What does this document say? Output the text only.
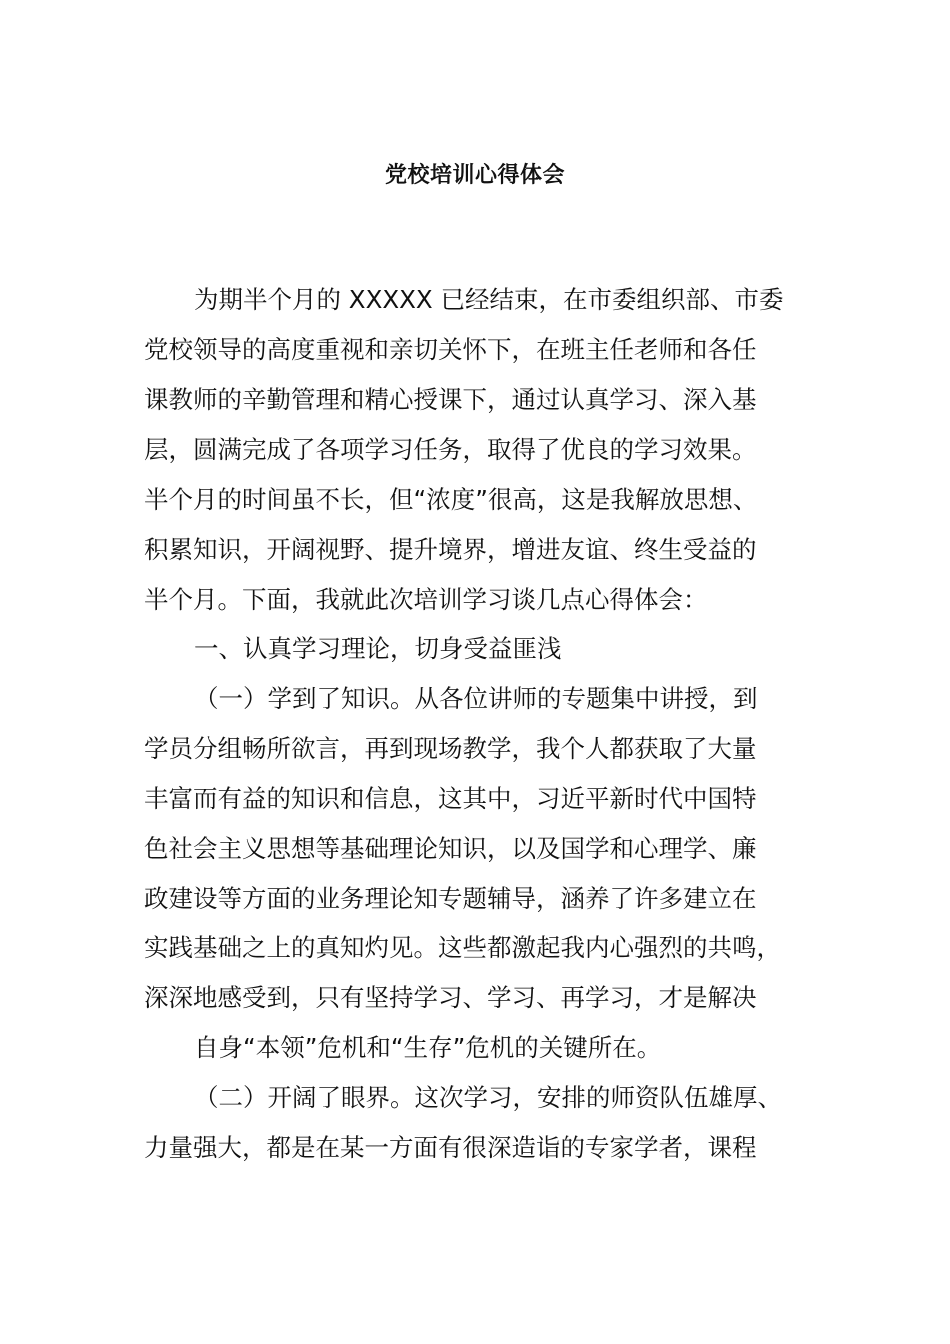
党校培训心得体会
为期半个月的 XXXXX 已经结束，在市委组织部、市委
党校领导的高度重视和亲切关怀下，在班主任老师和各任
课教师的辛勤管理和精心授课下，通过认真学习、深入基
层，圆满完成了各项学习任务，取得了优良的学习效果。
半个月的时间虽不长，但“浓度”很高，这是我解放思想、
积累知识，开阔视野、提升境界，增进友谊、终生受益的
半个月。下面，我就此次培训学习谈几点心得体会：
一、认真学习理论，切身受益匪浅
（一）学到了知识。从各位讲师的专题集中讲授，到
学员分组畅所欲言，再到现场教学，我个人都获取了大量
丰富而有益的知识和信息，这其中，习近平新时代中国特
色社会主义思想等基础理论知识，以及国学和心理学、廉
政建设等方面的业务理论知专题辅导，涵养了许多建立在
实践基础之上的真知灼见。这些都激起我内心强烈的共鸣，
深深地感受到，只有坚持学习、学习、再学习，才是解决
自身“本领”危机和“生存”危机的关键所在。
（二）开阔了眼界。这次学习，安排的师资队伍雄厚、
力量强大，都是在某一方面有很深造诣的专家学者，课程
